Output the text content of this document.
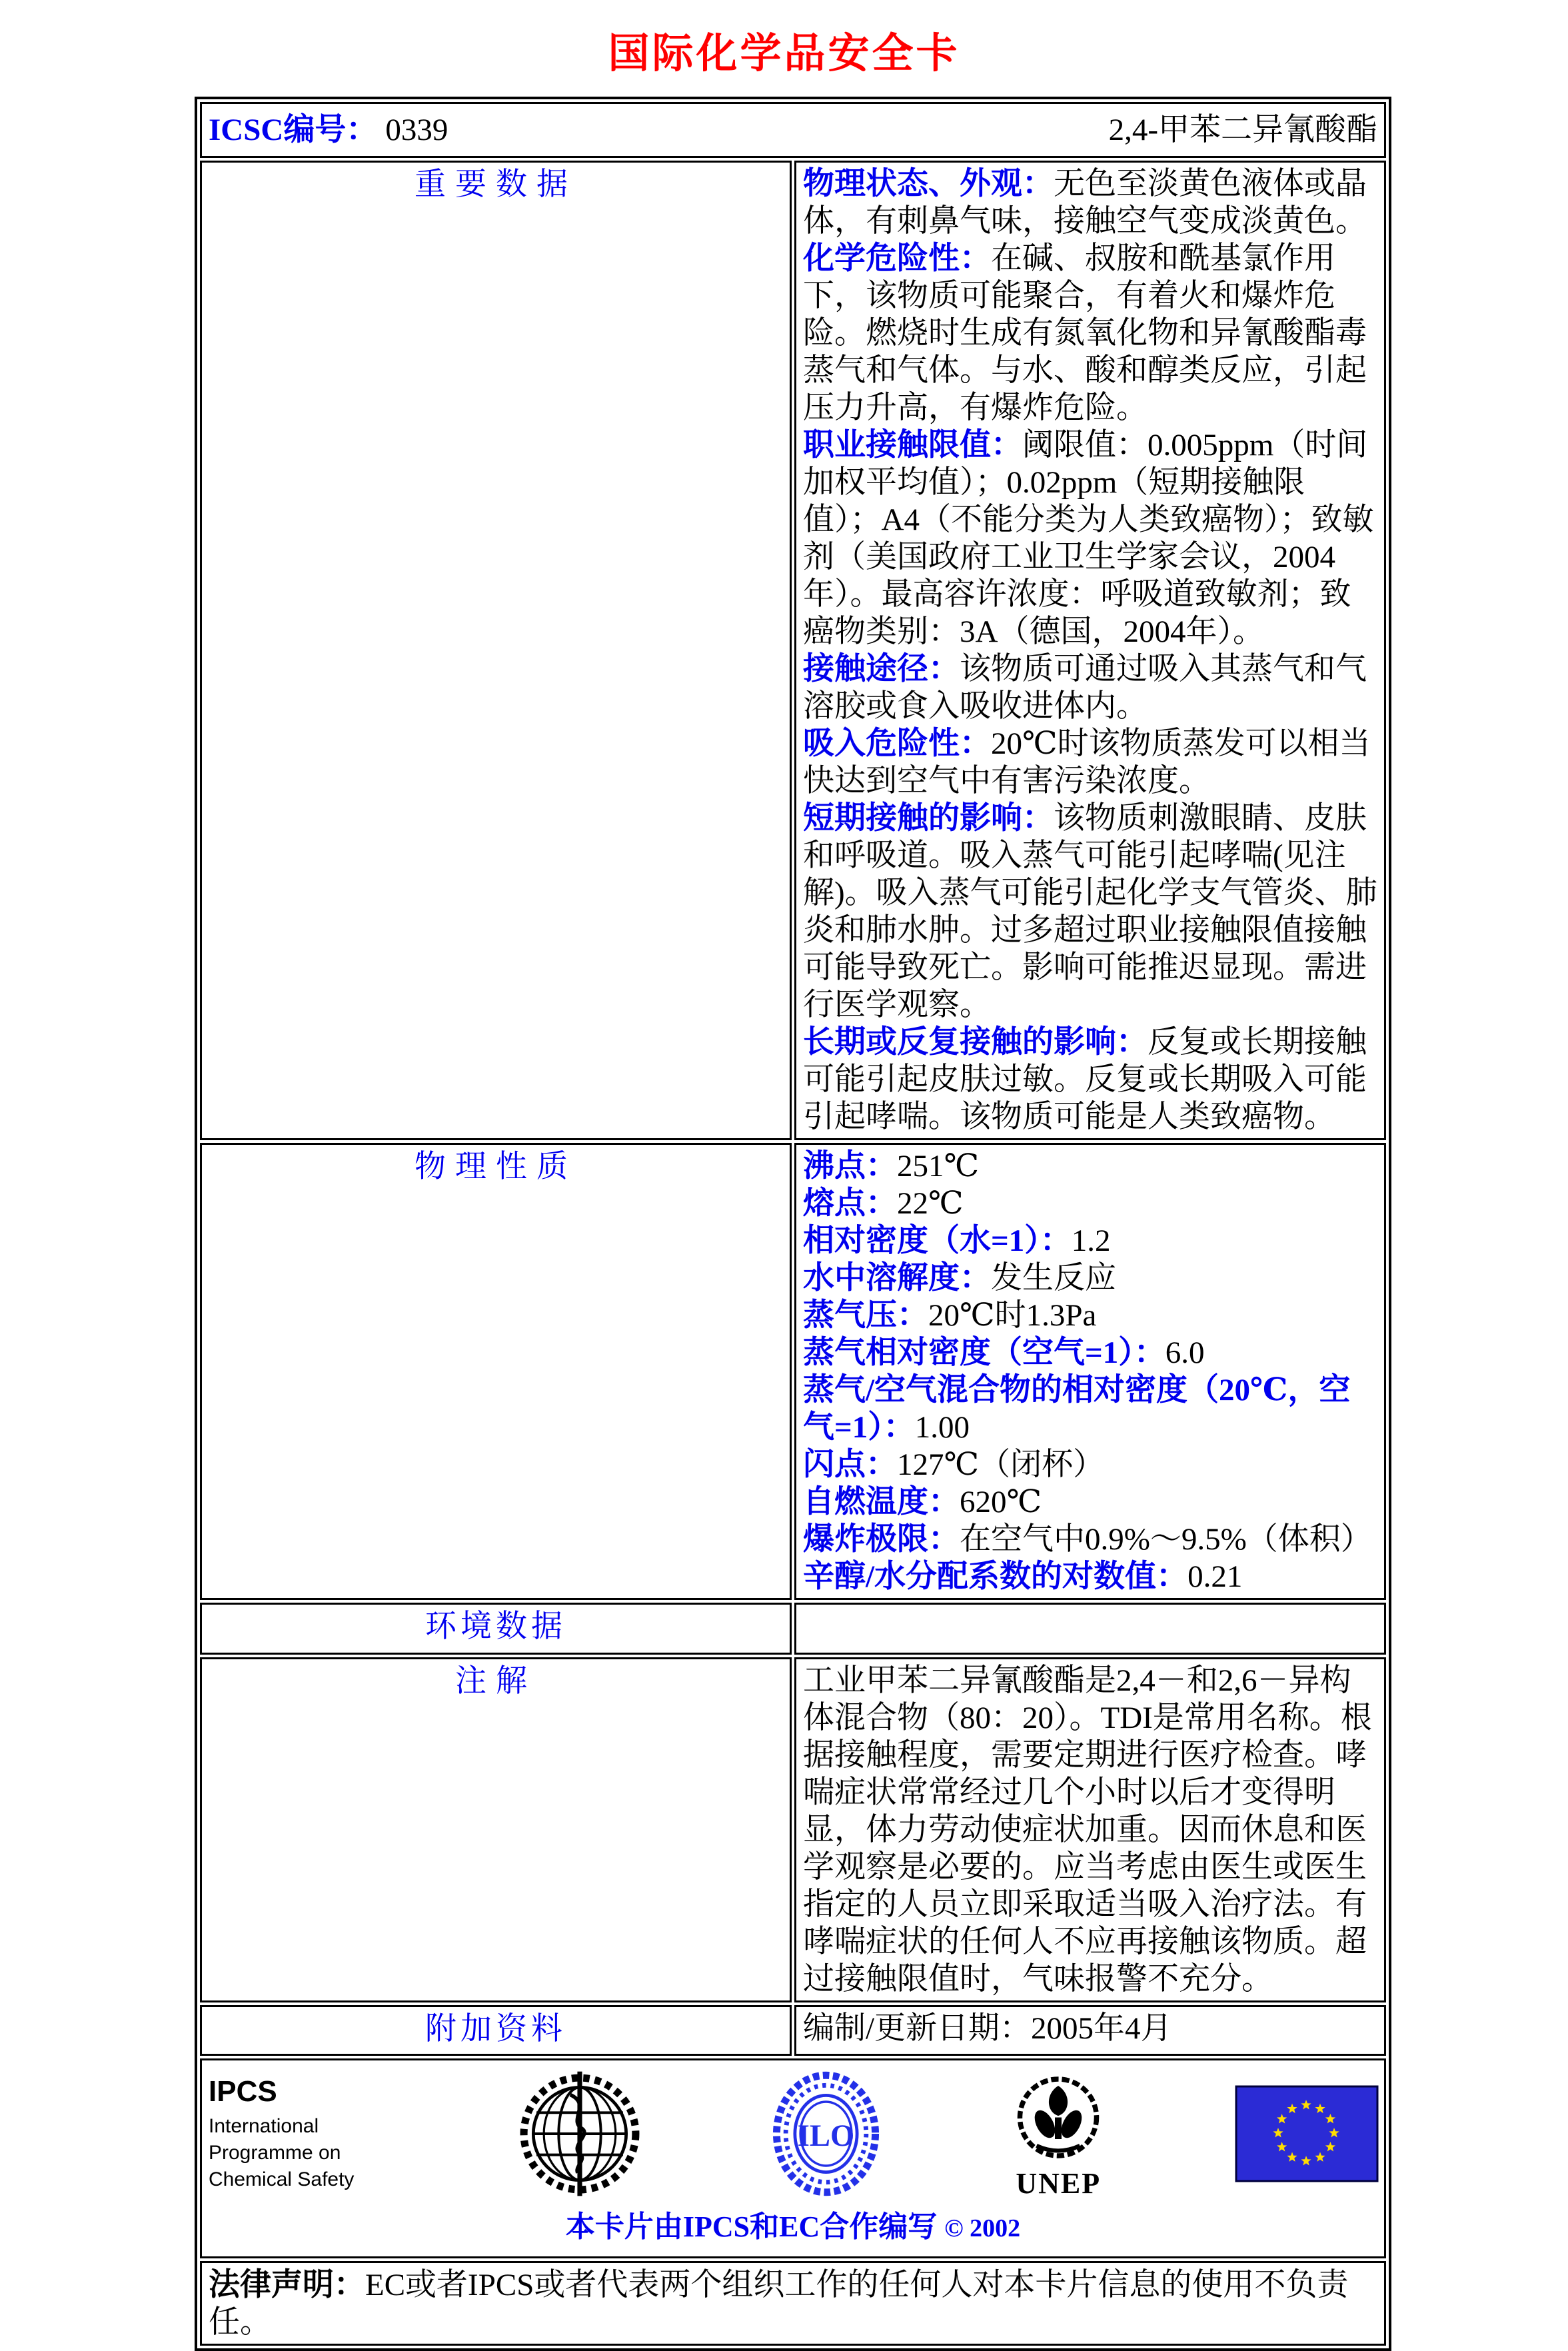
国际化学品安全卡
ICSC编号： 0339 2,4-甲苯二异氰酸酯	

重要数据	物理状态、外观：无色至淡黄色液体或晶体，有刺鼻气味，接触空气变成淡黄色。

化学危险性：在碱、叔胺和酰基氯作用下，该物质可能聚合，有着火和爆炸危险。燃烧时生成有氮氧化物和异氰酸酯毒蒸气和气体。与水、酸和醇类反应，引起压力升高，有爆炸危险。

职业接触限值：阈限值：0.005ppm（时间加权平均值）；0.02ppm（短期接触限值）；A4（不能分类为人类致癌物）；致敏剂（美国政府工业卫生学家会议，2004年）。最高容许浓度：呼吸道致敏剂；致癌物类别：3A（德国，2004年）。

接触途径：该物质可通过吸入其蒸气和气溶胶或食入吸收进体内。

吸入危险性：20℃时该物质蒸发可以相当快达到空气中有害污染浓度。

短期接触的影响：该物质刺激眼睛、皮肤和呼吸道。吸入蒸气可能引起哮喘(见注解)。吸入蒸气可能引起化学支气管炎、肺炎和肺水肿。过多超过职业接触限值接触可能导致死亡。影响可能推迟显现。需进行医学观察。

长期或反复接触的影响：反复或长期接触可能引起皮肤过敏。反复或长期吸入可能引起哮喘。该物质可能是人类致癌物。

物理性质	沸点：251℃

熔点：22℃

相对密度（水=1）：1.2

水中溶解度：发生反应

蒸气压：20℃时1.3Pa

蒸气相对密度（空气=1）：6.0

蒸气/空气混合物的相对密度（20℃，空气=1）：1.00

闪点：127℃（闭杯）

自燃温度：620℃

爆炸极限：在空气中0.9%～9.5%（体积）

辛醇/水分配系数的对数值：0.21

环境数据	
注解	工业甲苯二异氰酸酯是2,4－和2,6－异构体混合物（80：20）。TDI是常用名称。根据接触程度，需要定期进行医疗检查。哮喘症状常常经过几个小时以后才变得明显，体力劳动使症状加重。因而休息和医学观察是必要的。应当考虑由医生或医生指定的人员立即采取适当吸入治疗法。有哮喘症状的任何人不应再接触该物质。超过接触限值时，气味报警不充分。

附加资料	编制/更新日期：2005年4月

IPCS
International
Programme on
Chemical Safety
ILO
UNEP
本卡片由IPCS和EC合作编写 © 2002

法律声明：EC或者IPCS或者代表两个组织工作的任何人对本卡片信息的使用不负责任。	
